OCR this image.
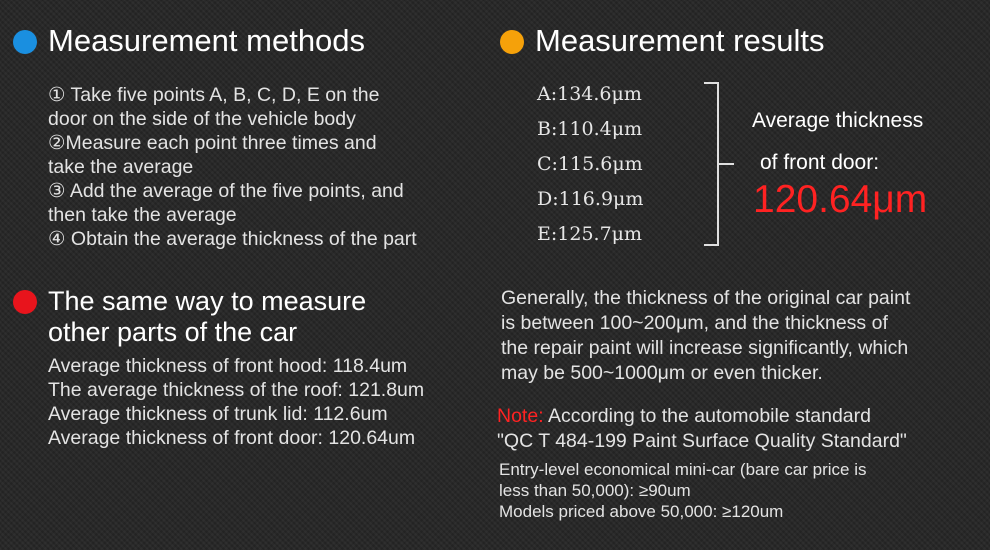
Measurement methods
① Take five points A, B, C, D, E on the
door on the side of the vehicle body
②Measure each point three times and
take the average
③ Add the average of the five points, and
then take the average
④ Obtain the average thickness of the part
Measurement results
A:134.6μm
B:110.4μm
C:115.6μm
D:116.9μm
E:125.7μm
Average thickness
of front door:
120.64μm
The same way to measure
other parts of the car
Average thickness of front hood: 118.4um
The average thickness of the roof: 121.8um
Average thickness of trunk lid: 112.6um
Average thickness of front door: 120.64um
Generally, the thickness of the original car paint
is between 100~200μm, and the thickness of
the repair paint will increase significantly, which
may be 500~1000μm or even thicker.
Note: According to the automobile standard
"QC T 484-199 Paint Surface Quality Standard"
Entry-level economical mini-car (bare car price is
less than 50,000): ≥90um
Models priced above 50,000: ≥120um
